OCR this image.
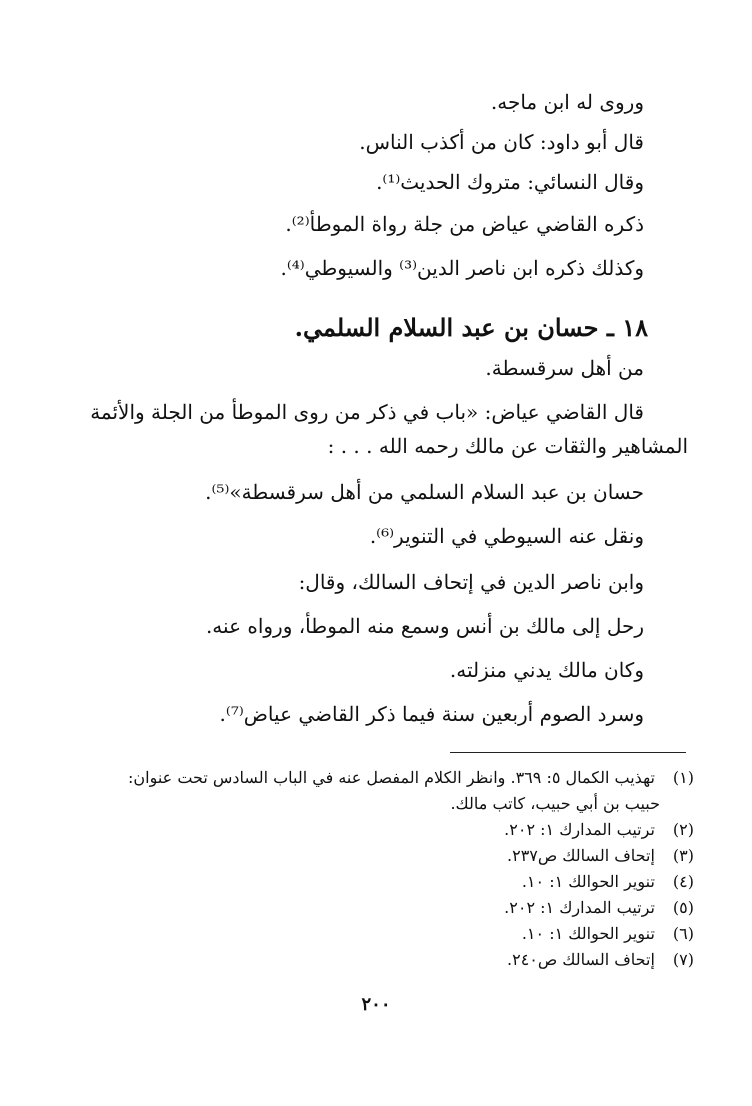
وروى له ابن ماجه.
قال أبو داود: كان من أكذب الناس.
وقال النسائي: متروك الحديث⁽¹⁾.
ذكره القاضي عياض من جلة رواة الموطأ⁽²⁾.
وكذلك ذكره ابن ناصر الدين⁽³⁾ والسيوطي⁽⁴⁾.
١٨ ـ حسان بن عبد السلام السلمي.
من أهل سرقسطة.
قال القاضي عياض: «باب في ذكر من روى الموطأ من الجلة والأئمة
المشاهير والثقات عن مالك رحمه الله . . . :
حسان بن عبد السلام السلمي من أهل سرقسطة»⁽⁵⁾.
ونقل عنه السيوطي في التنوير⁽⁶⁾.
وابن ناصر الدين في إتحاف السالك، وقال:
رحل إلى مالك بن أنس وسمع منه الموطأ، ورواه عنه.
وكان مالك يدني منزلته.
وسرد الصوم أربعين سنة فيما ذكر القاضي عياض⁽⁷⁾.
(١) تهذيب الكمال ٥: ٣٦٩. وانظر الكلام المفصل عنه في الباب السادس تحت عنوان:
حبيب بن أبي حبيب، كاتب مالك.
(٢) ترتيب المدارك ١: ٢٠٢.
(٣) إتحاف السالك ص٢٣٧.
(٤) تنوير الحوالك ١: ١٠.
(٥) ترتيب المدارك ١: ٢٠٢.
(٦) تنوير الحوالك ١: ١٠.
(٧) إتحاف السالك ص٢٤٠.
٢٠٠
